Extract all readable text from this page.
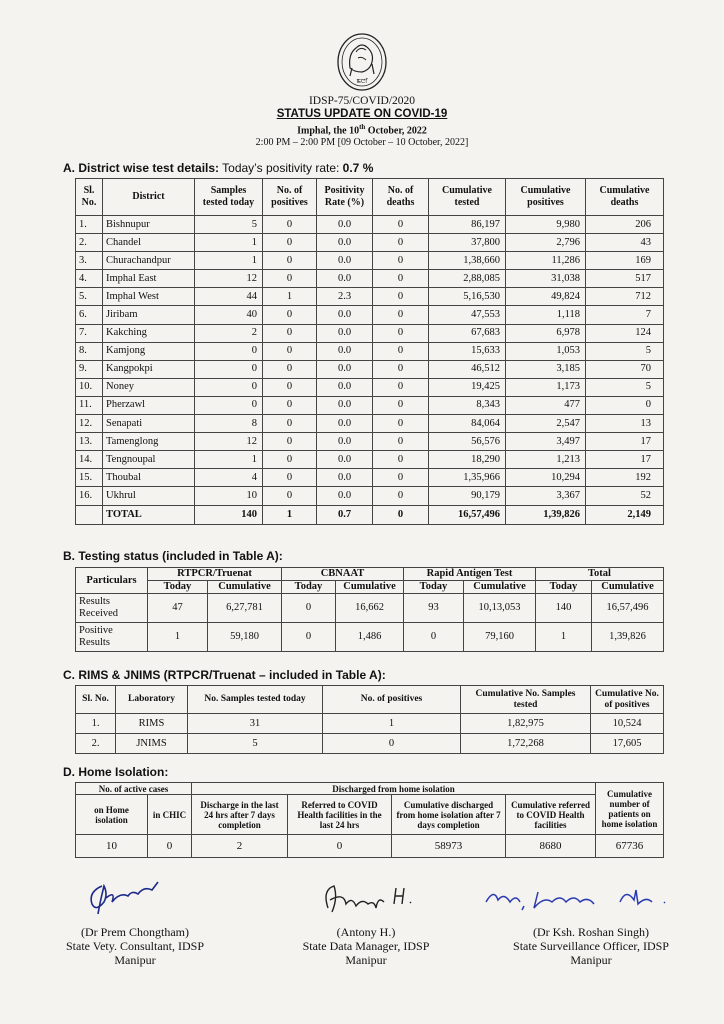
ꯃꯅꯤ
IDSP-75/COVID/2020
STATUS UPDATE ON COVID-19
Imphal, the 10th October, 2022
2:00 PM – 2:00 PM [09 October – 10 October, 2022]
A. District wise test details: Today’s positivity rate: 0.7 %
Sl. No.	District	Samples tested today	No. of positives	Positivity Rate (%)	No. of deaths	Cumulative tested	Cumulative positives	Cumulative deaths
1.	Bishnupur	5	0	0.0	0	86,197	9,980	206
2.	Chandel	1	0	0.0	0	37,800	2,796	43
3.	Churachandpur	1	0	0.0	0	1,38,660	11,286	169
4.	Imphal East	12	0	0.0	0	2,88,085	31,038	517
5.	Imphal West	44	1	2.3	0	5,16,530	49,824	712
6.	Jiribam	40	0	0.0	0	47,553	1,118	7
7.	Kakching	2	0	0.0	0	67,683	6,978	124
8.	Kamjong	0	0	0.0	0	15,633	1,053	5
9.	Kangpokpi	0	0	0.0	0	46,512	3,185	70
10.	Noney	0	0	0.0	0	19,425	1,173	5
11.	Pherzawl	0	0	0.0	0	8,343	477	0
12.	Senapati	8	0	0.0	0	84,064	2,547	13
13.	Tamenglong	12	0	0.0	0	56,576	3,497	17
14.	Tengnoupal	1	0	0.0	0	18,290	1,213	17
15.	Thoubal	4	0	0.0	0	1,35,966	10,294	192
16.	Ukhrul	10	0	0.0	0	90,179	3,367	52
	TOTAL	140	1	0.7	0	16,57,496	1,39,826	2,149
B. Testing status (included in Table A):
Particulars	RTPCR/Truenat		CBNAAT		Rapid Antigen Test		Total	
	Today	Cumulative	Today	Cumulative	Today	Cumulative	Today	Cumulative
Results Received	47	6,27,781	0	16,662	93	10,13,053	140	16,57,496
Positive Results	1	59,180	0	1,486	0	79,160	1	1,39,826
C. RIMS & JNIMS (RTPCR/Truenat – included in Table A):
Sl. No.	Laboratory	No. Samples tested today	No. of positives	Cumulative No. Samples tested	Cumulative No. of positives
1.	RIMS	31	1	1,82,975	10,524
2.	JNIMS	5	0	1,72,268	17,605
D. Home Isolation:
No. of active cases		Discharged from home isolation				Cumulative number of patients on home isolation
on Home isolation	in CHIC	Discharge in the last 24 hrs after 7 days completion	Referred to COVID Health facilities in the last 24 hrs	Cumulative discharged from home isolation after 7 days completion	Cumulative referred to COVID Health facilities	
10	0	2	0	58973	8680	67736
(Dr Prem Chongtham)
State Vety. Consultant, IDSP
Manipur
(Antony H.)
State Data Manager, IDSP
Manipur
(Dr Ksh. Roshan Singh)
State Surveillance Officer, IDSP
Manipur
